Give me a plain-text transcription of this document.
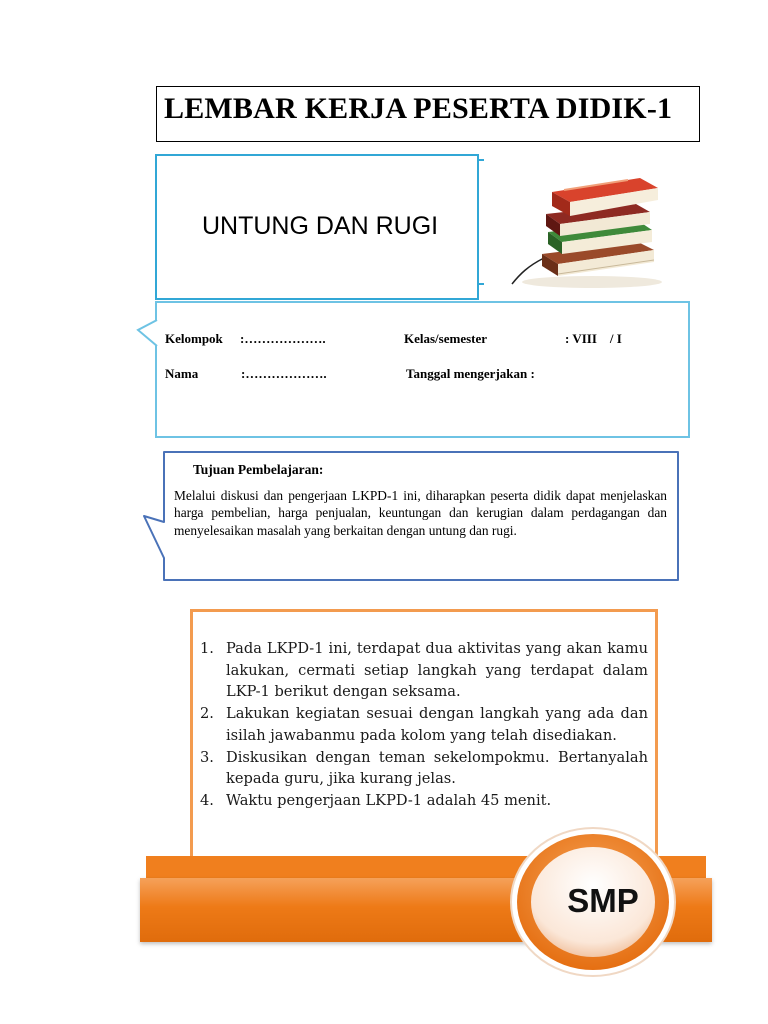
LEMBAR KERJA PESERTA DIDIK-1
UNTUNG DAN RUGI
Kelompok :……………….	Kelas/semester	: VIII    / I
Nama	:……………….	Tanggal mengerjakan :
Tujuan Pembelajaran:
Melalui diskusi dan pengerjaan LKPD-1 ini, diharapkan peserta didik dapat menjelaskan harga pembelian, harga penjualan, keuntungan dan kerugian dalam perdagangan dan menyelesaikan masalah yang berkaitan dengan untung dan rugi.
1. Pada LKPD-1 ini, terdapat dua aktivitas yang akan kamu lakukan, cermati setiap langkah yang terdapat dalam LKP-1 berikut dengan seksama.
2. Lakukan kegiatan sesuai dengan langkah yang ada dan isilah jawabanmu pada kolom yang telah disediakan.
3. Diskusikan dengan teman sekelompokmu. Bertanyalah kepada guru, jika kurang jelas.
4. Waktu pengerjaan LKPD-1 adalah 45 menit.
SMP
